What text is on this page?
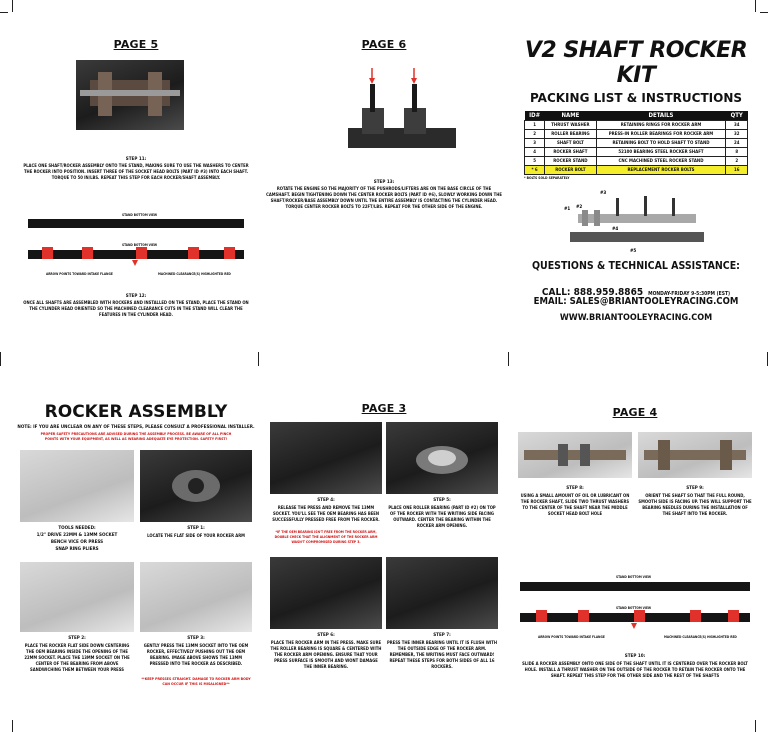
PAGE 5
STEP 11:
PLACE ONE SHAFT/ROCKER ASSEMBLY ONTO THE STAND, MAKING SURE TO USE THE WASHERS TO CENTER THE ROCKER INTO POSITION. INSERT THREE OF THE SOCKET HEAD BOLTS (PART ID #3) INTO EACH SHAFT. TORQUE TO 50 IN/LBS. REPEAT THIS STEP FOR EACH ROCKER/SHAFT ASSEMBLY.
STAND BOTTOM VIEW
STAND BOTTOM VIEW
ARROW POINTS TOWARD INTAKE FLANGE	MACHINED CLEARANCE(S) HIGHLIGHTED RED
STEP 12:
ONCE ALL SHAFTS ARE ASSEMBLED WITH ROCKERS AND INSTALLED ON THE STAND, PLACE THE STAND ON THE CYLINDER HEAD ORIENTED SO THE MACHINED CLEARANCE CUTS IN THE STAND WILL CLEAR THE FEATURES IN THE CYLINDER HEAD.
PAGE 6
STEP 13:
ROTATE THE ENGINE SO THE MAJORITY OF THE PUSHRODS/LIFTERS ARE ON THE BASE CIRCLE OF THE CAMSHAFT. BEGIN TIGHTENING DOWN THE CENTER ROCKER BOLTS (PART ID #6), SLOWLY WORKING DOWN THE SHAFT/ROCKER/BASE ASSEMBLY DOWN UNTIL THE ENTIRE ASSEMBLY IS CONTACTING THE CYLINDER HEAD. TORQUE CENTER ROCKER BOLTS TO 22FT/LBS. REPEAT FOR THE OTHER SIDE OF THE ENGINE.
V2 SHAFT ROCKER KIT
PACKING LIST & INSTRUCTIONS
ID#	NAME	DETAILS	QTY
1	THRUST WASHER	RETAINING RINGS FOR ROCKER ARM	34
2	ROLLER BEARING	PRESS-IN ROLLER BEARINGS FOR ROCKER ARM	32
3	SHAFT BOLT	RETAINING BOLT TO HOLD SHAFT TO STAND	24
4	ROCKER SHAFT	52100 BEARING STEEL ROCKER SHAFT	8
5	ROCKER STAND	CNC MACHINED STEEL ROCKER STAND	2
* 6	ROCKER BOLT	REPLACEMENT ROCKER BOLTS	16
* BOLTS SOLD SEPARATELY
#3
#1 #2
#4
#5
QUESTIONS & TECHNICAL ASSISTANCE:
CALL: 888.959.8865 MONDAY-FRIDAY 9-5:30PM (EST)
EMAIL: SALES@BRIANTOOLEYRACING.COM
WWW.BRIANTOOLEYRACING.COM
ROCKER ASSEMBLY
NOTE: IF YOU ARE UNCLEAR ON ANY OF THESE STEPS, PLEASE CONSULT A PROFESSIONAL INSTALLER.
PROPER SAFETY PRECAUTIONS ARE ADVISED DURING THE ASSEMBLY PROCESS. BE AWARE OF ALL PINCH POINTS WITH YOUR EQUIPMENT, AS WELL AS WEARING ADEQUATE EYE PROTECTION. SAFETY FIRST!
TOOLS NEEDED:
1/2" DRIVE 22MM & 13MM SOCKET
BENCH VICE OR PRESS
SNAP RING PLIERS
STEP 1:
LOCATE THE FLAT SIDE OF YOUR ROCKER ARM
STEP 2:
PLACE THE ROCKER FLAT SIDE DOWN CENTERING THE OEM BEARING INSIDE THE OPENING OF THE 22MM SOCKET. PLACE THE 13MM SOCKET ON THE CENTER OF THE BEARING FROM ABOVE SANDWICHING THEM BETWEEN YOUR PRESS
STEP 3:
GENTLY PRESS THE 13MM SOCKET INTO THE OEM ROCKER, EFFECTIVELY PUSHING OUT THE OEM BEARING. IMAGE ABOVE SHOWS THE 13MM PRESSED INTO THE ROCKER AS DESCRIBED.
**KEEP PRESSES STRAIGHT. DAMAGE TO ROCKER ARM BODY CAN OCCUR IF THIS IS MISALIGNED**
PAGE 3
STEP 4:
RELEASE THE PRESS AND REMOVE THE 13MM SOCKET. YOU'LL SEE THE OEM BEARING HAS BEEN SUCCESSFULLY PRESSED FREE FROM THE ROCKER.
*IF THE OEM BEARING ISN'T FREE FROM THE ROCKER ARM, DOUBLE CHECK THAT THE ALIGNMENT OF THE ROCKER ARM WASN'T COMPROMISED DURING STEP 3.
STEP 5:
PLACE ONE ROLLER BEARING (PART ID #2) ON TOP OF THE ROCKER WITH THE WRITING SIDE FACING OUTWARD. CENTER THE BEARING WITHIN THE ROCKER ARM OPENING.
STEP 6:
PLACE THE ROCKER ARM IN THE PRESS. MAKE SURE THE ROLLER BEARING IS SQUARE & CENTERED WITH THE ROCKER ARM OPENING. ENSURE THAT YOUR PRESS SURFACE IS SMOOTH AND WONT DAMAGE THE INNER BEARING.
STEP 7:
PRESS THE INNER BEARING UNTIL IT IS FLUSH WITH THE OUTSIDE EDGE OF THE ROCKER ARM. REMEMBER, THE WRITING MUST FACE OUTWARD! REPEAT THESE STEPS FOR BOTH SIDES OF ALL 16 ROCKERS.
PAGE 4
STEP 8:
USING A SMALL AMOUNT OF OIL OR LUBRICANT ON THE ROCKER SHAFT, SLIDE TWO THRUST WASHERS TO THE CENTER OF THE SHAFT NEAR THE MIDDLE SOCKET HEAD BOLT HOLE
STEP 9:
ORIENT THE SHAFT SO THAT THE FULL ROUND, SMOOTH SIDE IS FACING UP. THIS WILL SUPPORT THE BEARING NEEDLES DURING THE INSTALLATION OF THE SHAFT INTO THE ROCKER.
STAND BOTTOM VIEW
STAND BOTTOM VIEW
ARROW POINTS TOWARD INTAKE FLANGE	MACHINED CLEARANCE(S) HIGHLIGHTED RED
STEP 10:
SLIDE A ROCKER ASSEMBLY ONTO ONE SIDE OF THE SHAFT UNTIL IT IS CENTERED OVER THE ROCKER BOLT HOLE. INSTALL A THRUST WASHER ON THE OUTSIDE OF THE ROCKER TO RETAIN THE ROCKER ONTO THE SHAFT. REPEAT THIS STEP FOR THE OTHER SIDE AND THE REST OF THE SHAFTS
